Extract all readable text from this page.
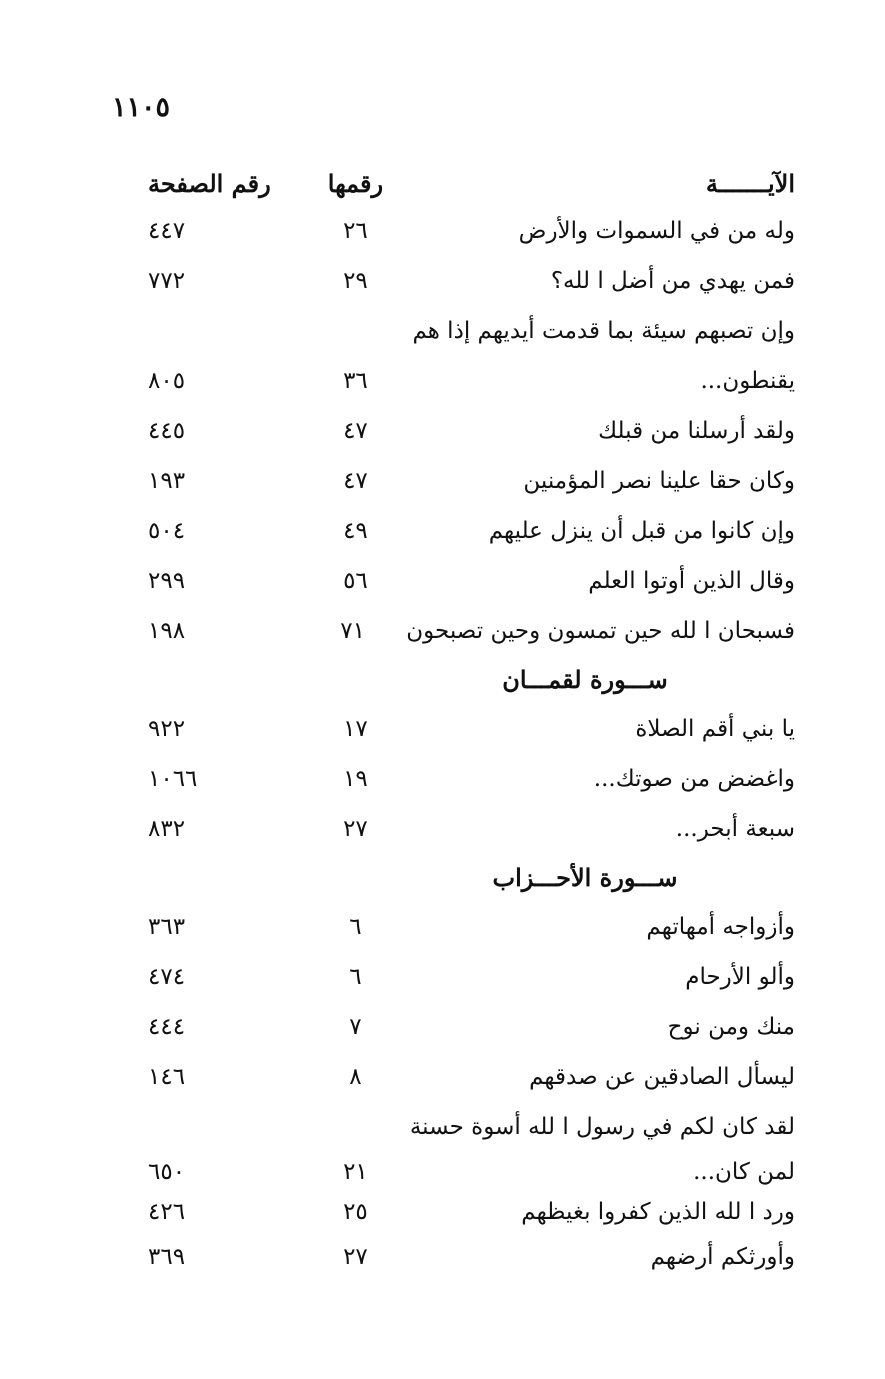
١١٠٥
الآيـــــــة
رقمها
رقم الصفحة
وله من في السموات والأرض
٢٦
٤٤٧
فمن يهدي من أضل ا لله؟
٢٩
٧٧٢
وإن تصبهم سيئة بما قدمت أيديهم إذا هم
يقنطون...
٣٦
٨٠٥
ولقد أرسلنا من قبلك
٤٧
٤٤٥
وكان حقا علينا نصر المؤمنين
٤٧
١٩٣
وإن كانوا من قبل أن ينزل عليهم
٤٩
٥٠٤
وقال الذين أوتوا العلم
٥٦
٢٩٩
فسبحان ا لله حين تمسون وحين تصبحون
٧١
١٩٨
ســـورة لقمـــان
يا بني أقم الصلاة
١٧
٩٢٢
واغضض من صوتك...
١٩
١٠٦٦
سبعة أبحر...
٢٧
٨٣٢
ســـورة الأحـــزاب
وأزواجه أمهاتهم
٦
٣٦٣
وألو الأرحام
٦
٤٧٤
منك ومن نوح
٧
٤٤٤
ليسأل الصادقين عن صدقهم
٨
١٤٦
لقد كان لكم في رسول ا لله أسوة حسنة
لمن كان...
٢١
٦٥٠
ورد ا لله الذين كفروا بغيظهم
٢٥
٤٢٦
وأورثكم أرضهم
٢٧
٣٦٩
